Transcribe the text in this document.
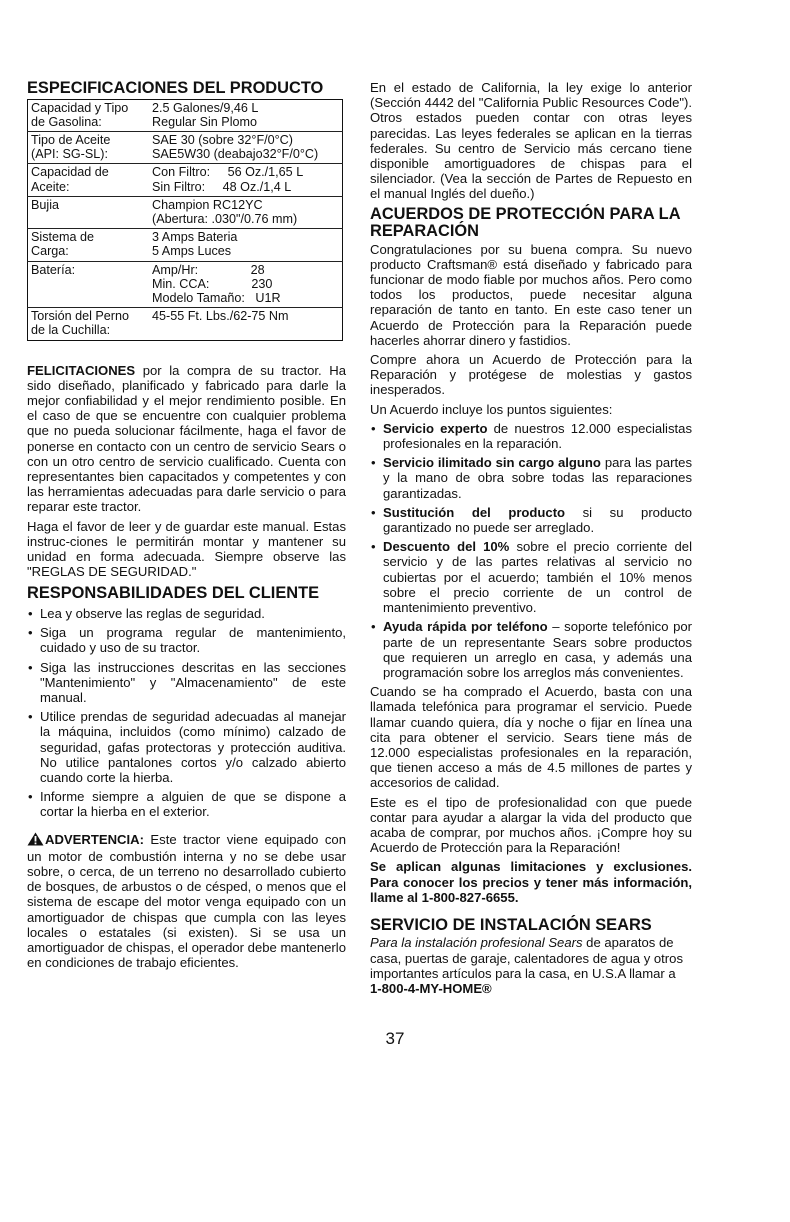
ESPECIFICACIONES DEL PRODUCTO
Capacidad y Tipo
de Gasolina:	2.5 Galones/9,46 L
Regular Sin Plomo
Tipo de Aceite
(API: SG-SL):	SAE 30 (sobre 32°F/0°C)
SAE5W30 (deabajo32°F/0°C)
Capacidad de
Aceite:	Con Filtro:     56 Oz./1,65 L
Sin Filtro:     48 Oz./1,4 L
Bujia	Champion RC12YC
(Abertura: .030"/0.76 mm)
Sistema de
Carga:	3 Amps Bateria
5 Amps Luces
Batería:	Amp/Hr:               28
Min. CCA:            230
Modelo Tamaño:   U1R
Torsión del Perno
de la Cuchilla:	45-55 Ft. Lbs./62-75 Nm

FELICITACIONES por la compra de su tractor. Ha sido diseñado, planificado y fabricado para darle la mejor confiabilidad y el mejor rendimiento posible. En el caso de que se encuentre con cualquier problema que no pueda solucionar fácilmente, haga el favor de ponerse en contacto con un centro de servicio Sears o con un otro centro de servicio cualificado. Cuenta con representantes bien capacitados y competentes y con las herramientas adecuadas para darle servicio o para reparar este tractor.

Haga el favor de leer y de guardar este manual. Estas instruc-ciones le permitirán montar y mantener su unidad en forma adecuada. Siempre observe las "REGLAS DE SEGURIDAD."

RESPONSABILIDADES DEL CLIENTE
• Lea y observe las reglas de seguridad.
• Siga un programa regular de mantenimiento, cuidado y uso de su tractor.
• Siga las instrucciones descritas en las secciones "Mantenimiento" y "Almacenamiento" de este manual.
• Utilice prendas de seguridad adecuadas al manejar la máquina, incluidos (como mínimo) calzado de seguridad, gafas protectoras y protección auditiva. No utilice pantalones cortos y/o calzado abierto cuando corte la hierba.
• Informe siempre a alguien de que se dispone a cortar la hierba en el exterior.

ADVERTENCIA: Este tractor viene equipado con un motor de combustión interna y no se debe usar sobre, o cerca, de un terreno no desarrollado cubierto de bosques, de arbustos o de césped, o menos que el sistema de escape del motor venga equipado con un amortiguador de chispas que cumpla con las leyes locales o estatales (si existen). Si se usa un amortiguador de chispas, el operador debe mantenerlo en condiciones de trabajo eficientes.

En el estado de California, la ley exige lo anterior (Sección 4442 del "California Public Resources Code"). Otros estados pueden contar con otras leyes parecidas. Las leyes federales se aplican en la tierras federales. Su centro de Servicio más cercano tiene disponible amortiguadores de chispas para el silenciador. (Vea la sección de Partes de Repuesto en el manual Inglés del dueño.)

ACUERDOS DE PROTECCIÓN PARA LA REPARACIÓN

Congratulaciones por su buena compra. Su nuevo producto Craftsman® está diseñado y fabricado para funcionar de modo fiable por muchos años. Pero como todos los productos, puede necesitar alguna reparación de tanto en tanto. En este caso tener un Acuerdo de Protección para la Reparación puede hacerles ahorrar dinero y fastidios.

Compre ahora un Acuerdo de Protección para la Reparación y protégese de molestias y gastos inesperados.

Un Acuerdo incluye los puntos siguientes:

• Servicio experto de nuestros 12.000 especialistas profesionales en la reparación.
• Servicio ilimitado sin cargo alguno para las partes y la mano de obra sobre todas las reparaciones garantizadas.
• Sustitución del producto si su producto garantizado no puede ser arreglado.
• Descuento del 10% sobre el precio corriente del servicio y de las partes relativas al servicio no cubiertas por el acuerdo; también el 10% menos sobre el precio corriente de un control de mantenimiento preventivo.
• Ayuda rápida por teléfono – soporte telefónico por parte de un representante Sears sobre productos que requieren un arreglo en casa, y además una programación sobre los arreglos más convenientes.

Cuando se ha comprado el Acuerdo, basta con una llamada telefónica para programar el servicio. Puede llamar cuando quiera, día y noche o fijar en línea una cita para obtener el servicio. Sears tiene más de 12.000 especialistas profesionales en la reparación, que tienen acceso a más de 4.5 millones de partes y accesorios de calidad.

Este es el tipo de profesionalidad con que puede contar para ayudar a alargar la vida del producto que acaba de comprar, por muchos años. ¡Compre hoy su Acuerdo de Protección para la Reparación!

Se aplican algunas limitaciones y exclusiones. Para conocer los precios y tener más información, llame al 1-800-827-6655.

SERVICIO DE INSTALACIÓN SEARS

Para la instalación profesional Sears de aparatos de casa, puertas de garaje, calentadores de agua y otros importantes artículos para la casa, en U.S.A llamar a

1-800-4-MY-HOME®

37
